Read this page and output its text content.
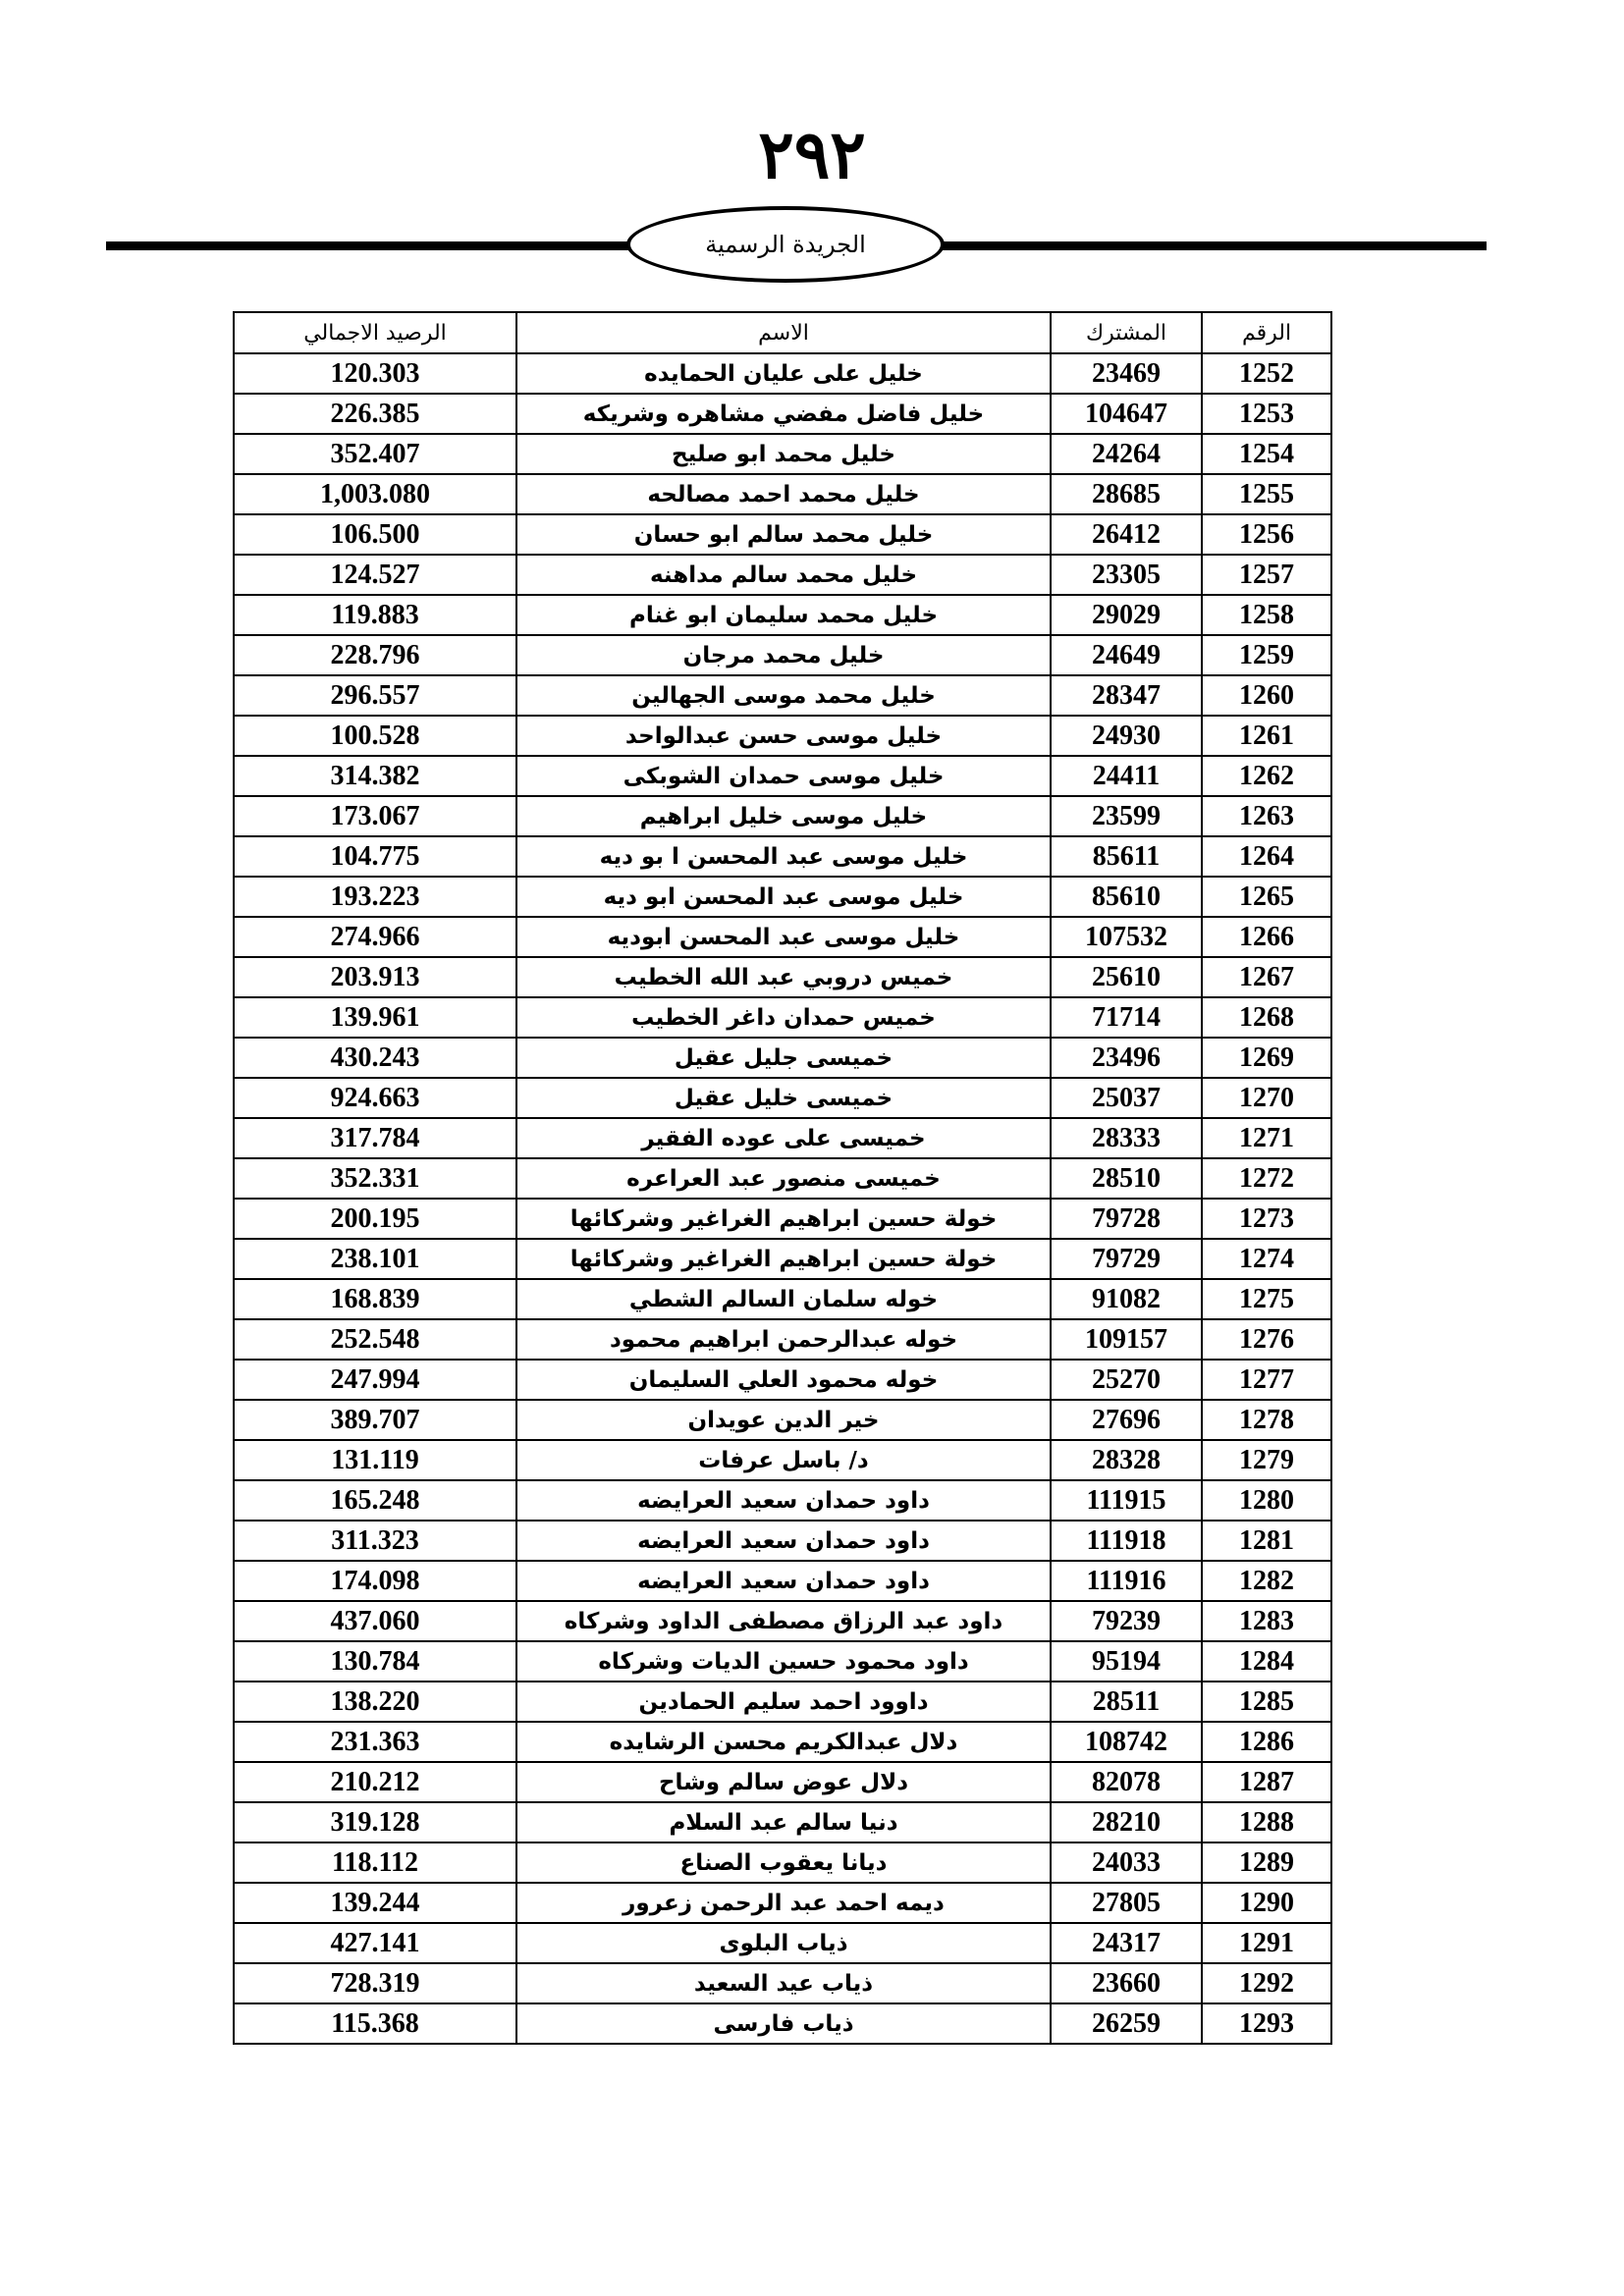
٢٩٢
الجريدة الرسمية
الرقم	المشترك	الاسم	الرصيد الاجمالي
1252	23469	خليل على عليان الحمايده	120.303
1253	104647	خليل فاضل مفضي مشاهره وشريكه	226.385
1254	24264	خليل محمد ابو صليح	352.407
1255	28685	خليل محمد احمد مصالحه	1,003.080
1256	26412	خليل محمد سالم ابو حسان	106.500
1257	23305	خليل محمد سالم مداهنه	124.527
1258	29029	خليل محمد سليمان ابو غنام	119.883
1259	24649	خليل محمد مرجان	228.796
1260	28347	خليل محمد موسى الجهالين	296.557
1261	24930	خليل موسى حسن عبدالواحد	100.528
1262	24411	خليل موسى حمدان الشوبكى	314.382
1263	23599	خليل موسى خليل ابراهيم	173.067
1264	85611	خليل موسى عبد المحسن ا بو ديه	104.775
1265	85610	خليل موسى عبد المحسن ابو ديه	193.223
1266	107532	خليل موسى عبد المحسن ابوديه	274.966
1267	25610	خميس دروبي عبد الله الخطيب	203.913
1268	71714	خميس حمدان داغر الخطيب	139.961
1269	23496	خميسى جليل عقيل	430.243
1270	25037	خميسى خليل عقيل	924.663
1271	28333	خميسى على عوده الفقير	317.784
1272	28510	خميسى منصور عبد العراعره	352.331
1273	79728	خولة حسين ابراهيم الغراغير وشركائها	200.195
1274	79729	خولة حسين ابراهيم الغراغير وشركائها	238.101
1275	91082	خوله سلمان السالم الشطي	168.839
1276	109157	خوله عبدالرحمن ابراهيم محمود	252.548
1277	25270	خوله محمود العلي السليمان	247.994
1278	27696	خير الدين عويدان	389.707
1279	28328	د/ باسل عرفات	131.119
1280	111915	داود حمدان سعيد العرايضه	165.248
1281	111918	داود حمدان سعيد العرايضه	311.323
1282	111916	داود حمدان سعيد العرايضه	174.098
1283	79239	داود عبد الرزاق مصطفى الداود وشركاه	437.060
1284	95194	داود محمود حسين الديات وشركاه	130.784
1285	28511	داوود احمد سليم الحمادين	138.220
1286	108742	دلال عبدالكريم محسن الرشايده	231.363
1287	82078	دلال عوض سالم وشاح	210.212
1288	28210	دنيا سالم عبد السلام	319.128
1289	24033	ديانا يعقوب الصناع	118.112
1290	27805	ديمه احمد عبد الرحمن زعرور	139.244
1291	24317	ذياب البلوى	427.141
1292	23660	ذياب عيد السعيد	728.319
1293	26259	ذياب فارسى	115.368
